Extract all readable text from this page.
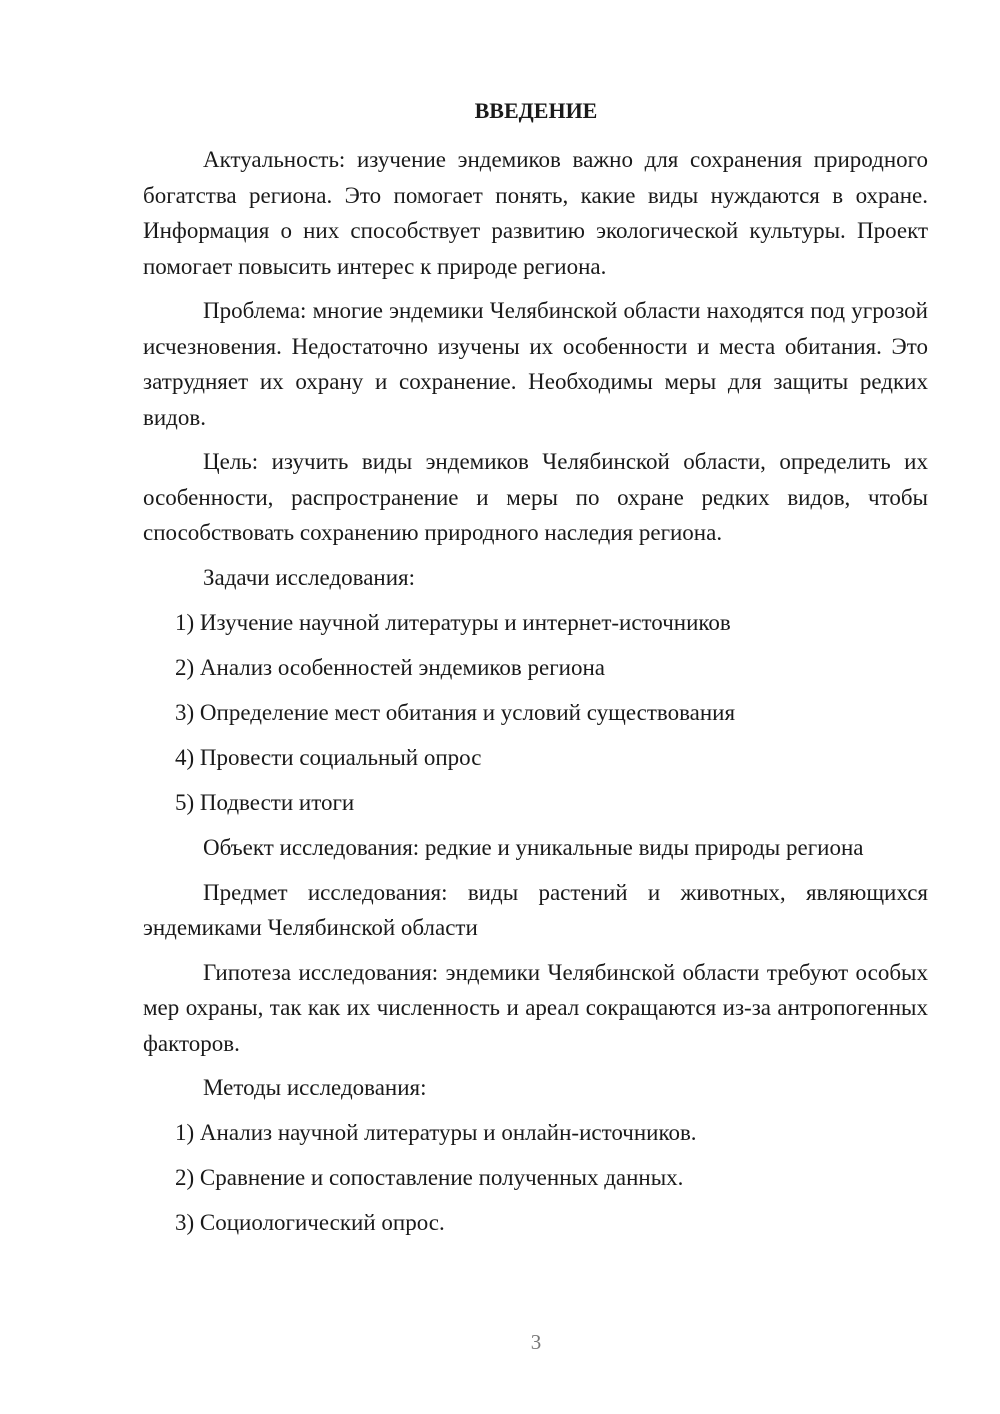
ВВЕДЕНИЕ

Актуальность: изучение эндемиков важно для сохранения природного богатства региона. Это помогает понять, какие виды нуждаются в охране. Информация о них способствует развитию экологической культуры. Проект помогает повысить интерес к природе региона.

Проблема: многие эндемики Челябинской области находятся под угрозой исчезновения. Недостаточно изучены их особенности и места обитания. Это затрудняет их охрану и сохранение. Необходимы меры для защиты редких видов.

Цель: изучить виды эндемиков Челябинской области, определить их особенности, распространение и меры по охране редких видов, чтобы способствовать сохранению природного наследия региона.

Задачи исследования:

1) Изучение научной литературы и интернет-источников

2) Анализ особенностей эндемиков региона

3) Определение мест обитания и условий существования

4) Провести социальный опрос

5) Подвести итоги

Объект исследования: редкие и уникальные виды природы региона

Предмет исследования: виды растений и животных, являющихся эндемиками Челябинской области

Гипотеза исследования: эндемики Челябинской области требуют особых мер охраны, так как их численность и ареал сокращаются из-за антропогенных факторов.

Методы исследования:

1) Анализ научной литературы и онлайн-источников.

2) Сравнение и сопоставление полученных данных.

3) Социологический опрос.

3
